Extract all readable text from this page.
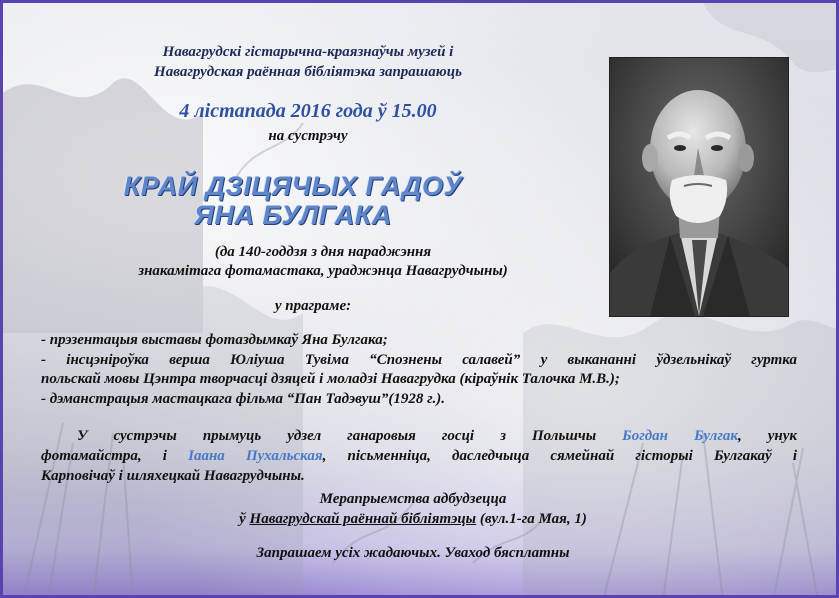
Навагрудскі гістарычна-краязнаўчы музей і
Навагрудская раённая бібліятэка запрашаюць
4 лістапада 2016 года ў 15.00
на сустрэчу
КРАЙ ДЗІЦЯЧЫХ ГАДОЎ
ЯНА БУЛГАКА
(да 140-годдзя з дня нараджэння
знакамітага фотамастака, ураджэнца Навагрудчыны)
у праграме:
- прэзентацыя выставы фотаздымкаў Яна Булгака;
- інсцэніроўка верша Юліуша Тувіма “Спознены салавей” у выкананні ўдзельнікаў гуртка
польскай мовы Цэнтра творчасці дзяцей і моладзі Навагрудка (кіраўнік Талочка М.В.);
- дэманстрацыя мастацкага фільма “Пан Тадэвуш”(1928 г.).
У сустрэчы прымуць удзел ганаровыя госці з Польшчы Богдан Булгак, унук
фотамайстра, і Іаана Пухальская, пісьменніца, даследчыца сямейнай гісторыі Булгакаў і
Карповічаў і шляхецкай Навагрудчыны.
Мерапрыемства адбудзецца
ў Навагрудскай раённай бібліятэцы (вул.1-га Мая, 1)
Запрашаем усіх жадаючых. Уваход бясплатны
